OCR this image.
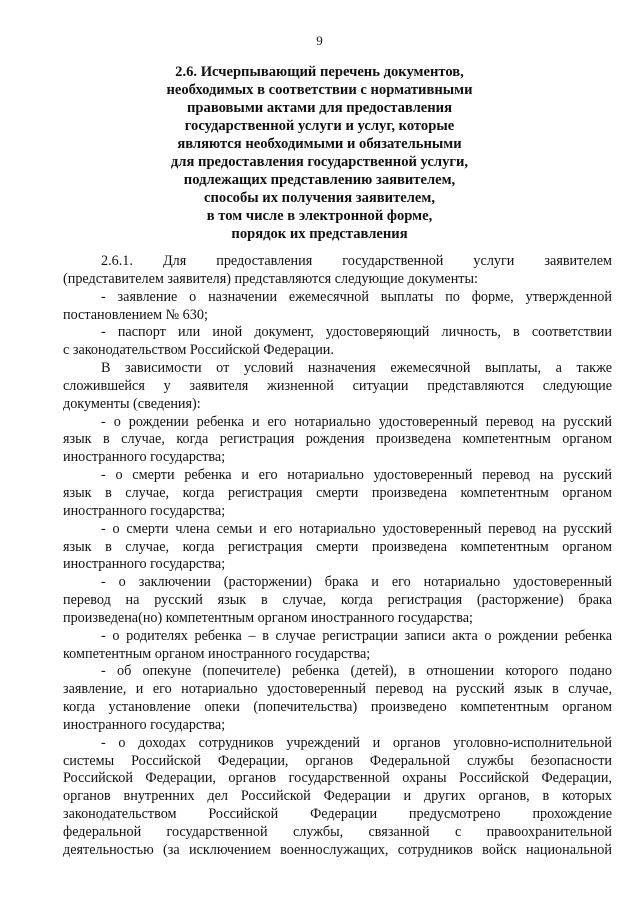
9
2.6. Исчерпывающий перечень документов,
необходимых в соответствии с нормативными
правовыми актами для предоставления
государственной услуги и услуг, которые
являются необходимыми и обязательными
для предоставления государственной услуги,
подлежащих представлению заявителем,
способы их получения заявителем,
в том числе в электронной форме,
порядок их представления
2.6.1. Для предоставления государственной услуги заявителем
(представителем заявителя) представляются следующие документы:
- заявление о назначении ежемесячной выплаты по форме, утвержденной
постановлением № 630;
- паспорт или иной документ, удостоверяющий личность, в соответствии
с законодательством Российской Федерации.
В зависимости от условий назначения ежемесячной выплаты, а также
сложившейся у заявителя жизненной ситуации представляются следующие
документы (сведения):
- о рождении ребенка и его нотариально удостоверенный перевод на русский
язык в случае, когда регистрация рождения произведена компетентным органом
иностранного государства;
- о смерти ребенка и его нотариально удостоверенный перевод на русский
язык в случае, когда регистрация смерти произведена компетентным органом
иностранного государства;
- о смерти члена семьи и его нотариально удостоверенный перевод на русский
язык в случае, когда регистрация смерти произведена компетентным органом
иностранного государства;
- о заключении (расторжении) брака и его нотариально удостоверенный
перевод на русский язык в случае, когда регистрация (расторжение) брака
произведена(но) компетентным органом иностранного государства;
- о родителях ребенка – в случае регистрации записи акта о рождении ребенка
компетентным органом иностранного государства;
- об опекуне (попечителе) ребенка (детей), в отношении которого подано
заявление, и его нотариально удостоверенный перевод на русский язык в случае,
когда установление опеки (попечительства) произведено компетентным органом
иностранного государства;
- о доходах сотрудников учреждений и органов уголовно-исполнительной
системы Российской Федерации, органов Федеральной службы безопасности
Российской Федерации, органов государственной охраны Российской Федерации,
органов внутренних дел Российской Федерации и других органов, в которых
законодательством Российской Федерации предусмотрено прохождение
федеральной государственной службы, связанной с правоохранительной
деятельностью (за исключением военнослужащих, сотрудников войск национальной
